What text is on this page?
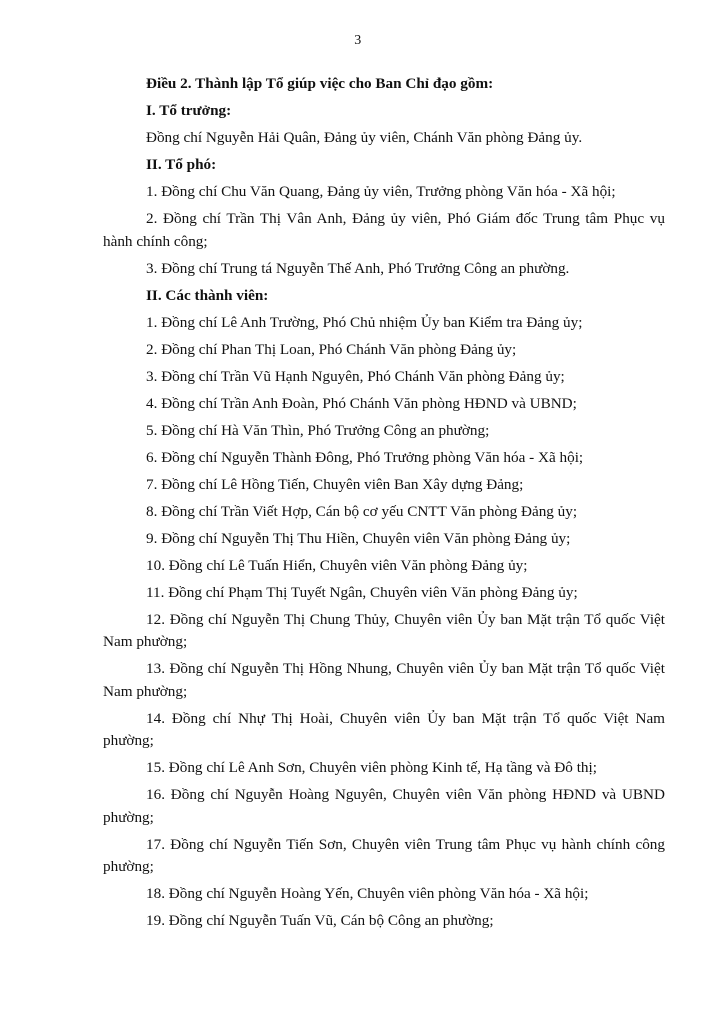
3
Điều 2. Thành lập Tổ giúp việc cho Ban Chỉ đạo gồm:
I. Tổ trưởng:
Đồng chí Nguyễn Hải Quân, Đảng ủy viên, Chánh Văn phòng Đảng ủy.
II. Tổ phó:
1. Đồng chí Chu Văn Quang, Đảng ủy viên, Trưởng phòng Văn hóa - Xã hội;
2. Đồng chí Trần Thị Vân Anh, Đảng ủy viên, Phó Giám đốc Trung tâm Phục vụ hành chính công;
3. Đồng chí Trung tá Nguyễn Thế Anh, Phó Trưởng Công an phường.
II. Các thành viên:
1. Đồng chí Lê Anh Trường, Phó Chủ nhiệm Ủy ban Kiểm tra Đảng ủy;
2. Đồng chí Phan Thị Loan, Phó Chánh Văn phòng Đảng ủy;
3. Đồng chí Trần Vũ Hạnh Nguyên, Phó Chánh Văn phòng Đảng ủy;
4. Đồng chí Trần Anh Đoàn, Phó Chánh Văn phòng HĐND và UBND;
5. Đồng chí Hà Văn Thìn, Phó Trưởng Công an phường;
6. Đồng chí Nguyễn Thành Đông, Phó Trưởng phòng Văn hóa - Xã hội;
7. Đồng chí Lê Hồng Tiến, Chuyên viên Ban Xây dựng Đảng;
8. Đồng chí Trần Viết Hợp, Cán bộ cơ yếu CNTT Văn phòng Đảng ủy;
9. Đồng chí Nguyễn Thị Thu Hiền, Chuyên viên Văn phòng Đảng ủy;
10. Đồng chí Lê Tuấn Hiển, Chuyên viên Văn phòng Đảng ủy;
11. Đồng chí Phạm Thị Tuyết Ngân, Chuyên viên Văn phòng Đảng ủy;
12. Đồng chí Nguyễn Thị Chung Thủy, Chuyên viên Ủy ban Mặt trận Tổ quốc Việt Nam phường;
13. Đồng chí Nguyễn Thị Hồng Nhung, Chuyên viên Ủy ban Mặt trận Tổ quốc Việt Nam phường;
14. Đồng chí Nhự Thị Hoài, Chuyên viên Ủy ban Mặt trận Tổ quốc Việt Nam phường;
15. Đồng chí Lê Anh Sơn, Chuyên viên phòng Kinh tế, Hạ tầng và Đô thị;
16. Đồng chí Nguyễn Hoàng Nguyên, Chuyên viên Văn phòng HĐND và UBND phường;
17. Đồng chí Nguyễn Tiến Sơn, Chuyên viên Trung tâm Phục vụ hành chính công phường;
18. Đồng chí Nguyễn Hoàng Yến, Chuyên viên phòng Văn hóa - Xã hội;
19. Đồng chí Nguyễn Tuấn Vũ, Cán bộ Công an phường;
